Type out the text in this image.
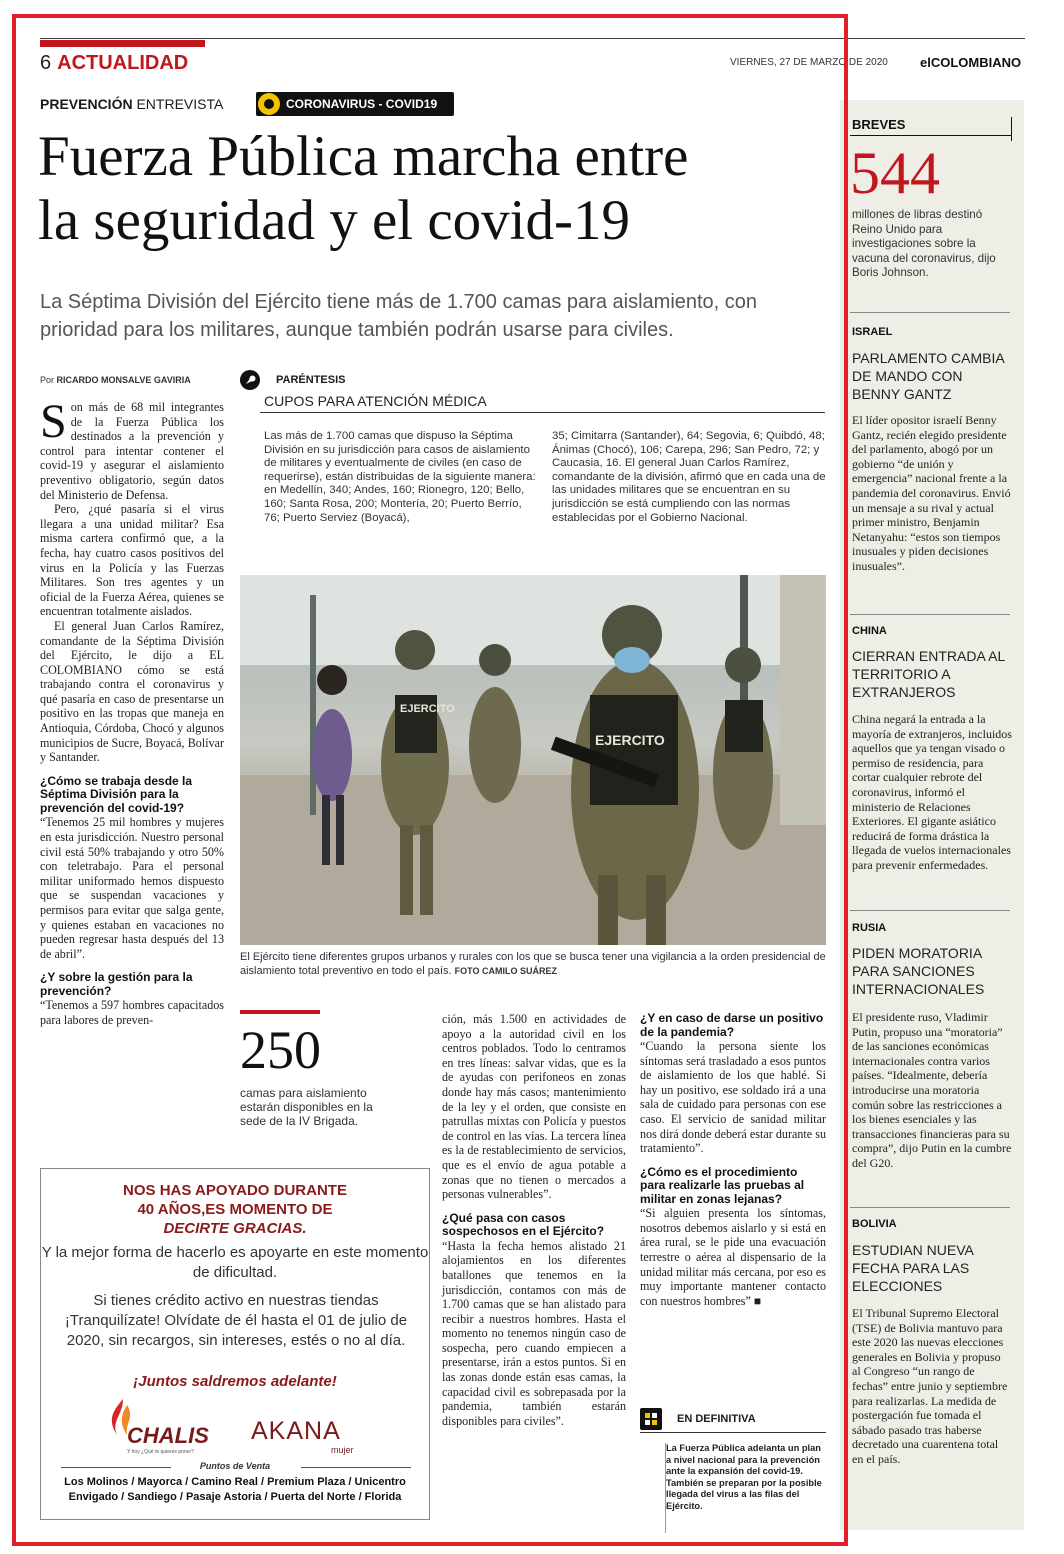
6 ACTUALIDAD	VIERNES, 27 DE MARZO DE 2020 elCOLOMBIANO
PREVENCIÓN ENTREVISTA	CORONAVIRUS - COVID19
Fuerza Pública marcha entre
la seguridad y el covid-19
La Séptima División del Ejército tiene más de 1.700 camas para aislamiento, con prioridad para los militares, aunque también podrán usarse para civiles.
Por RICARDO MONSALVE GAVIRIA

Son más de 68 mil integrantes de la Fuerza Pública los destinados a la prevención y control para intentar contener el covid-19 y asegurar el aislamiento preventivo obligatorio, según datos del Ministerio de Defensa.

Pero, ¿qué pasaría si el virus llegara a una unidad militar? Esa misma cartera confirmó que, a la fecha, hay cuatro casos positivos del virus en la Policía y las Fuerzas Militares. Son tres agentes y un oficial de la Fuerza Aérea, quienes se encuentran totalmente aislados.

El general Juan Carlos Ramírez, comandante de la Séptima División del Ejército, le dijo a EL COLOMBIANO cómo se está trabajando contra el coronavirus y qué pasaría en caso de presentarse un positivo en las tropas que maneja en Antioquia, Córdoba, Chocó y algunos municipios de Sucre, Boyacá, Bolívar y Santander.

¿Cómo se trabaja desde la Séptima División para la prevención del covid-19?

“Tenemos 25 mil hombres y mujeres en esta jurisdicción. Nuestro personal civil está 50% trabajando y otro 50% con teletrabajo. Para el personal militar uniformado hemos dispuesto que se suspendan vacaciones y permisos para evitar que salga gente, y quienes estaban en vacaciones no pueden regresar hasta después del 13 de abril”.

¿Y sobre la gestión para la prevención?

“Tenemos a 597 hombres capacitados para labores de preven-

PARÉNTESIS
CUPOS PARA ATENCIÓN MÉDICA
Las más de 1.700 camas que dispuso la Séptima División en su jurisdicción para casos de aislamiento de militares y eventualmente de civiles (en caso de requerirse), están distribuidas de la siguiente manera: en Medellín, 340; Andes, 160; Rionegro, 120; Bello, 160; Santa Rosa, 200; Montería, 20; Puerto Berrío, 76; Puerto Serviez (Boyacá),
35; Cimitarra (Santander), 64; Segovia, 6; Quibdó, 48; Ánimas (Chocó), 106; Carepa, 296; San Pedro, 72; y Caucasia, 16. El general Juan Carlos Ramírez, comandante de la división, afirmó que en cada una de las unidades militares que se encuentran en su jurisdicción se está cumpliendo con las normas establecidas por el Gobierno Nacional.
EJERCITO
EJERCITO
El Ejército tiene diferentes grupos urbanos y rurales con los que se busca tener una vigilancia a la orden presidencial de aislamiento total preventivo en todo el país. FOTO CAMILO SUÁREZ
250
camas para aislamiento estarán disponibles en la sede de la IV Brigada.

ción, más 1.500 en actividades de apoyo a la autoridad civil en los centros poblados. Todo lo centramos en tres líneas: salvar vidas, que es la de ayudas con perifoneos en zonas donde hay más casos; mantenimiento de la ley y el orden, que consiste en patrullas mixtas con Policía y puestos de control en las vías. La tercera línea es la de restablecimiento de servicios, que es el envío de agua potable a zonas que no tienen o mercados a personas vulnerables”.

¿Qué pasa con casos sospechosos en el Ejército?

“Hasta la fecha hemos alistado 21 alojamientos en los diferentes batallones que tenemos en la jurisdicción, contamos con más de 1.700 camas que se han alistado para recibir a nuestros hombres. Hasta el momento no tenemos ningún caso de sospecha, pero cuando empiecen a presentarse, irán a estos puntos. Si en las zonas donde están esas camas, la capacidad civil es sobrepasada por la pandemia, también estarán disponibles para civiles”.

¿Y en caso de darse un positivo de la pandemia?

“Cuando la persona siente los síntomas será trasladado a esos puntos de aislamiento de los que hablé. Si hay un positivo, ese soldado irá a una sala de cuidado para personas con ese caso. El servicio de sanidad militar nos dirá donde deberá estar durante su tratamiento”.

¿Cómo es el procedimiento para realizarle las pruebas al militar en zonas lejanas?

“Si alguien presenta los síntomas, nosotros debemos aislarlo y si está en área rural, se le pide una evacuación terrestre o aérea al dispensario de la unidad militar más cercana, por eso es muy importante mantener contacto con nuestros hombres” ■

EN DEFINITIVA
La Fuerza Pública adelanta un plan a nivel nacional para la prevención ante la expansión del covid-19. También se preparan por la posible llegada del virus a las filas del Ejército.
NOS HAS APOYADO DURANTE
40 AÑOS,ES MOMENTO DE
DECIRTE GRACIAS.
Y la mejor forma de hacerlo es apoyarte en este momento de dificultad.
Si tienes crédito activo en nuestras tiendas ¡Tranquilízate! Olvídate de él hasta el 01 de julio de 2020, sin recargos, sin intereses, estés o no al día.
¡Juntos saldremos adelante!
CHALIS
Y hoy ¿Qué te quieres poner?
AKANA
mujer
Puntos de Venta
Los Molinos / Mayorca / Camino Real / Premium Plaza / Unicentro
Envigado / Sandiego / Pasaje Astoria / Puerta del Norte / Florida
BREVES
544
millones de libras destinó Reino Unido para investigaciones sobre la vacuna del coronavirus, dijo Boris Johnson.
ISRAEL
PARLAMENTO CAMBIA DE MANDO CON BENNY GANTZ
El líder opositor israelí Benny Gantz, recién elegido presidente del parlamento, abogó por un gobierno “de unión y emergencia” nacional frente a la pandemia del coronavirus. Envió un mensaje a su rival y actual primer ministro, Benjamin Netanyahu: “estos son tiempos inusuales y piden decisiones inusuales”.
CHINA
CIERRAN ENTRADA AL TERRITORIO A EXTRANJEROS
China negará la entrada a la mayoría de extranjeros, incluidos aquellos que ya tengan visado o permiso de residencia, para cortar cualquier rebrote del coronavirus, informó el ministerio de Relaciones Exteriores. El gigante asiático reducirá de forma drástica la llegada de vuelos internacionales para prevenir enfermedades.
RUSIA
PIDEN MORATORIA PARA SANCIONES INTERNACIONALES
El presidente ruso, Vladimir Putin, propuso una “moratoria” de las sanciones económicas internacionales contra varios países. “Idealmente, debería introducirse una moratoria común sobre las restricciones a los bienes esenciales y las transacciones financieras para su compra”, dijo Putin en la cumbre del G20.
BOLIVIA
ESTUDIAN NUEVA FECHA PARA LAS ELECCIONES
El Tribunal Supremo Electoral (TSE) de Bolivia mantuvo para este 2020 las nuevas elecciones generales en Bolivia y propuso al Congreso “un rango de fechas” entre junio y septiembre para realizarlas. La medida de postergación fue tomada el sábado pasado tras haberse decretado una cuarentena total en el país.
